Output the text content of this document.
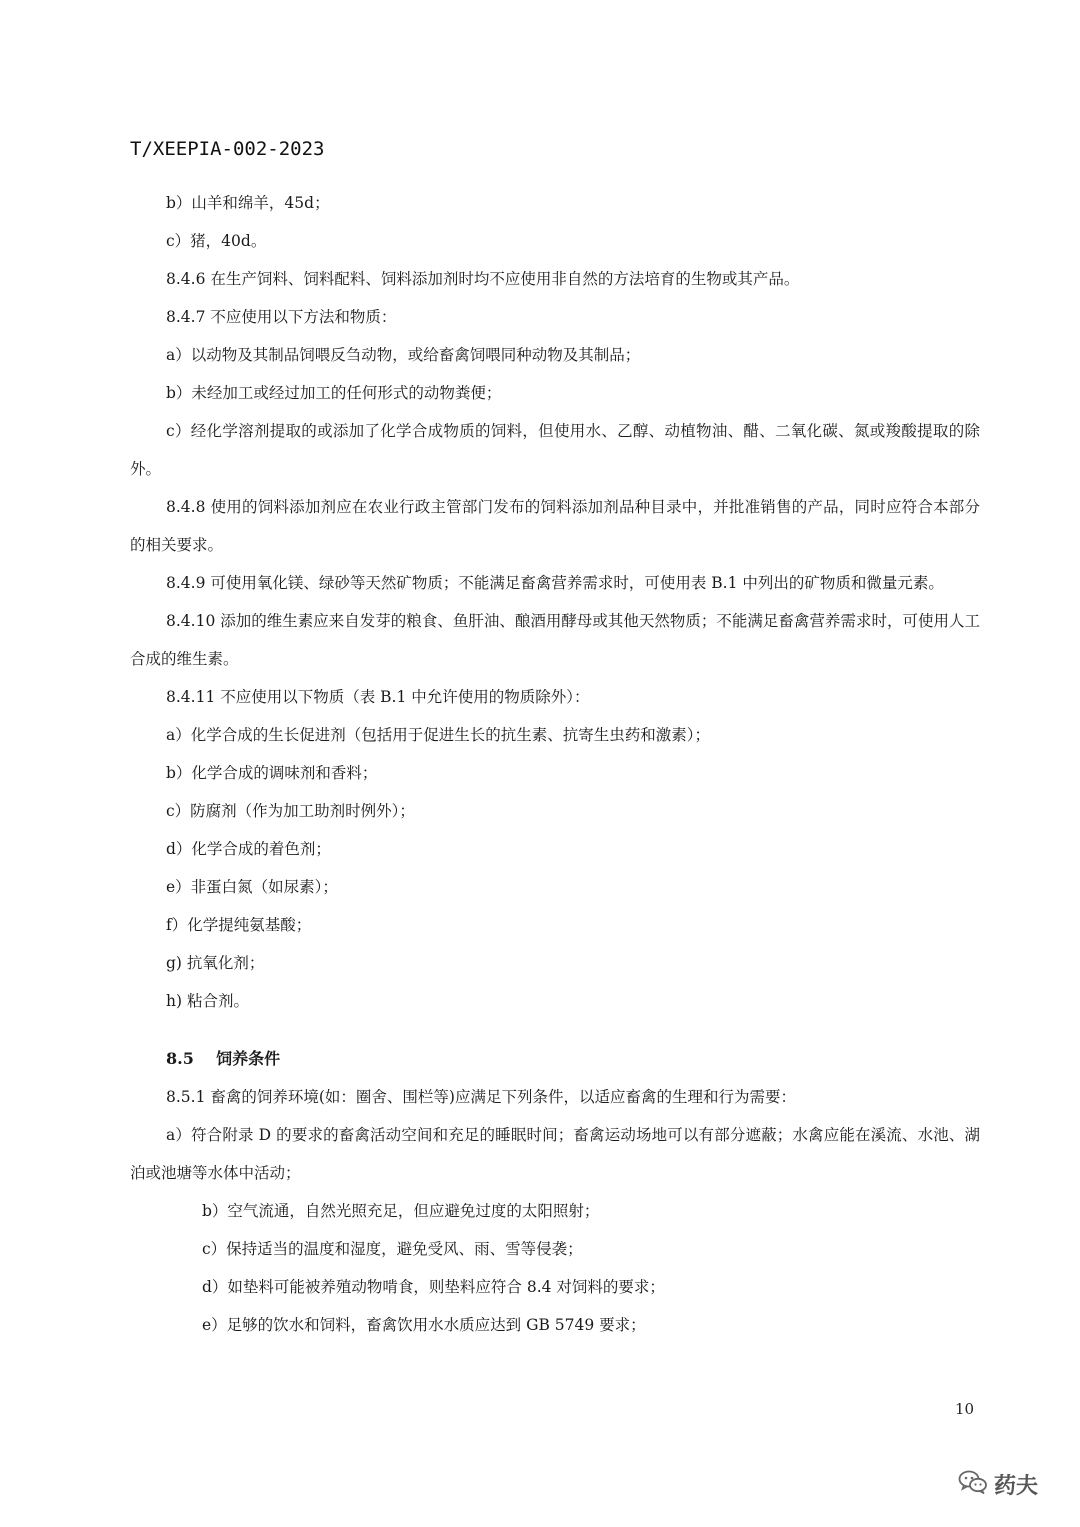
T/XEEPIA-002-2023

b）山羊和绵羊，45d；

c）猪，40d。

8.4.6 在生产饲料、饲料配料、饲料添加剂时均不应使用非自然的方法培育的生物或其产品。

8.4.7 不应使用以下方法和物质：

a）以动物及其制品饲喂反刍动物，或给畜禽饲喂同种动物及其制品；

b）未经加工或经过加工的任何形式的动物粪便；

c）经化学溶剂提取的或添加了化学合成物质的饲料，但使用水、乙醇、动植物油、醋、二氧化碳、氮或羧酸提取的除外。

8.4.8 使用的饲料添加剂应在农业行政主管部门发布的饲料添加剂品种目录中，并批准销售的产品，同时应符合本部分的相关要求。

8.4.9 可使用氧化镁、绿砂等天然矿物质；不能满足畜禽营养需求时，可使用表 B.1 中列出的矿物质和微量元素。

8.4.10 添加的维生素应来自发芽的粮食、鱼肝油、酿酒用酵母或其他天然物质；不能满足畜禽营养需求时，可使用人工合成的维生素。

8.4.11 不应使用以下物质（表 B.1 中允许使用的物质除外）：

a）化学合成的生长促进剂（包括用于促进生长的抗生素、抗寄生虫药和激素）；

b）化学合成的调味剂和香料；

c）防腐剂（作为加工助剂时例外）；

d）化学合成的着色剂；

e）非蛋白氮（如尿素）；

f）化学提纯氨基酸；

g) 抗氧化剂；

h) 粘合剂。

8.5    饲养条件

8.5.1 畜禽的饲养环境(如：圈舍、围栏等)应满足下列条件，以适应畜禽的生理和行为需要：

a）符合附录 D 的要求的畜禽活动空间和充足的睡眠时间；畜禽运动场地可以有部分遮蔽；水禽应能在溪流、水池、湖泊或池塘等水体中活动；

b）空气流通，自然光照充足，但应避免过度的太阳照射；

c）保持适当的温度和湿度，避免受风、雨、雪等侵袭；

d）如垫料可能被养殖动物啃食，则垫料应符合 8.4 对饲料的要求；

e）足够的饮水和饲料，畜禽饮用水水质应达到 GB 5749 要求；

10
药夫
